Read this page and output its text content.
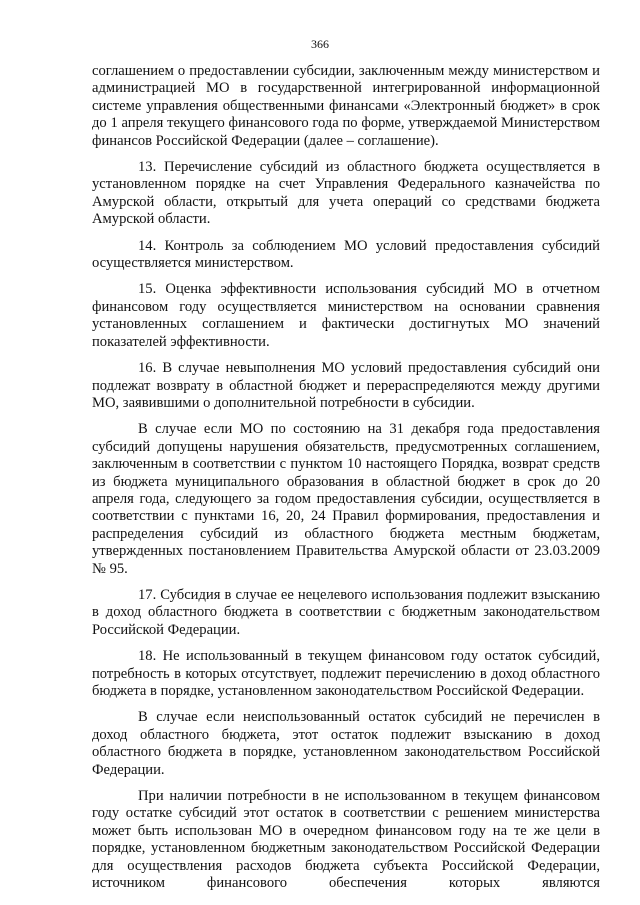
366

соглашением о предоставлении субсидии, заключенным между министерством и администрацией МО в государственной интегрированной информационной системе управления общественными финансами «Электронный бюджет» в срок до 1 апреля текущего финансового года по форме, утверждаемой Министерством финансов Российской Федерации (далее – соглашение).

13. Перечисление субсидий из областного бюджета осуществляется в установленном порядке на счет Управления Федерального казначейства по Амурской области, открытый для учета операций со средствами бюджета Амурской области.

14. Контроль за соблюдением МО условий предоставления субсидий осуществляется министерством.

15. Оценка эффективности использования субсидий МО в отчетном финансовом году осуществляется министерством на основании сравнения установленных соглашением и фактически достигнутых МО значений показателей эффективности.

16. В случае невыполнения МО условий предоставления субсидий они подлежат возврату в областной бюджет и перераспределяются между другими МО, заявившими о дополнительной потребности в субсидии.

В случае если МО по состоянию на 31 декабря года предоставления субсидий допущены нарушения обязательств, предусмотренных соглашением, заключенным в соответствии с пунктом 10 настоящего Порядка, возврат средств из бюджета муниципального образования в областной бюджет в срок до 20 апреля года, следующего за годом предоставления субсидии, осуществляется в соответствии с пунктами 16, 20, 24 Правил формирования, предоставления и распределения субсидий из областного бюджета местным бюджетам, утвержденных постановлением Правительства Амурской области от 23.03.2009 № 95.

17. Субсидия в случае ее нецелевого использования подлежит взысканию в доход областного бюджета в соответствии с бюджетным законодательством Российской Федерации.

18. Не использованный в текущем финансовом году остаток субсидий, потребность в которых отсутствует, подлежит перечислению в доход областного бюджета в порядке, установленном законодательством Российской Федерации.

В случае если неиспользованный остаток субсидий не перечислен в доход областного бюджета, этот остаток подлежит взысканию в доход областного бюджета в порядке, установленном законодательством Российской Федерации.

При наличии потребности в не использованном в текущем финансовом году остатке субсидий этот остаток в соответствии с решением министерства может быть использован МО в очередном финансовом году на те же цели в порядке, установленном бюджетным законодательством Российской Федерации для осуществления расходов бюджета субъекта Российской Федерации, источником финансового обеспечения которых являются
